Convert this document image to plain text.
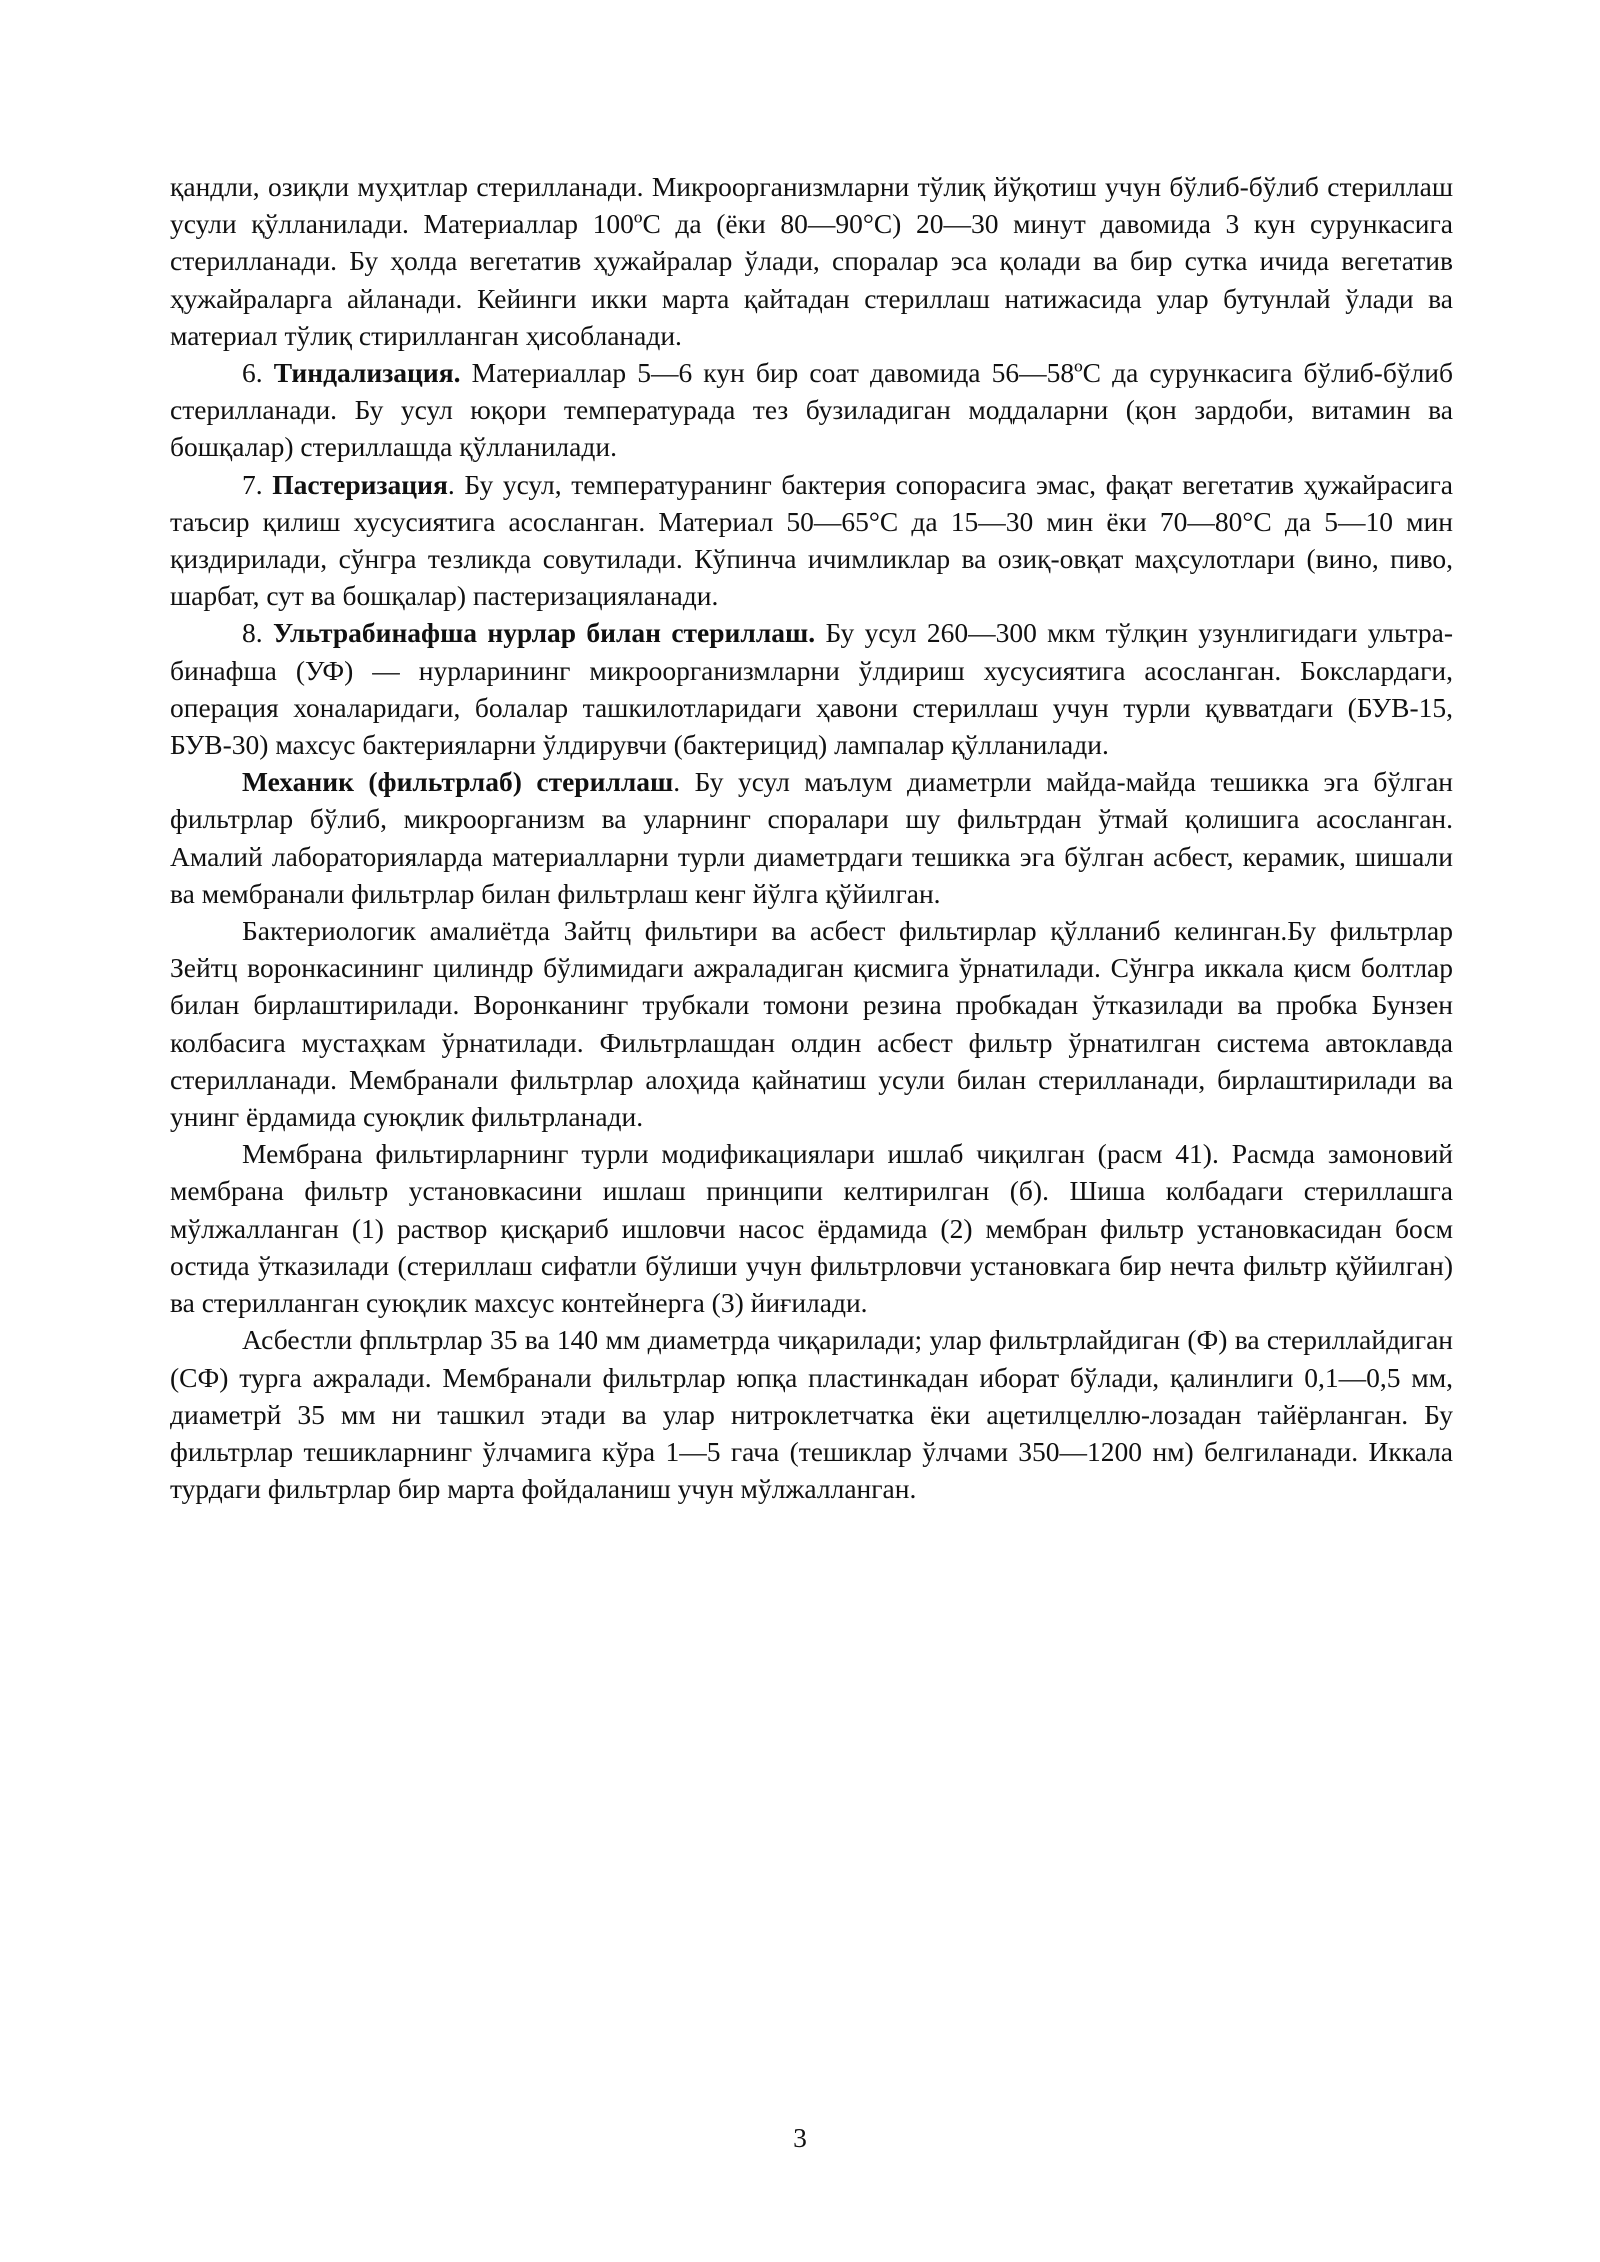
қандли, озиқли муҳитлар стерилланади. Микроорганизмларни тўлиқ йўқотиш учун бўлиб-бўлиб стериллаш усули қўлланилади. Материаллар 100ºС да (ёки 80—90°С) 20—30 минут давомида 3 кун сурункасига стерилланади. Бу ҳолда вегетатив ҳужайралар ўлади, споралар эса қолади ва бир сутка ичида вегетатив ҳужайраларга айланади. Кейинги икки марта қайтадан стериллаш натижасида улар бутунлай ўлади ва материал тўлиқ стирилланган ҳисобланади.

6. Тиндализация. Материаллар 5—6 кун бир соат давомида 56—58ºС да сурункасига бўлиб-бўлиб стерилланади. Бу усул юқори температурада тез бузиладиган моддаларни (қон зардоби, витамин ва бошқалар) стериллашда қўлланилади.

7. Пастеризация. Бу усул, температуранинг бактерия сопорасига эмас, фақат вегетатив ҳужайрасига таъсир қилиш хусусиятига асосланган. Материал 50—65°С да 15—30 мин ёки 70—80°С да 5—10 мин қиздирилади, сўнгра тезликда совутилади. Кўпинча ичимликлар ва озиқ-овқат маҳсулотлари (вино, пиво, шарбат, сут ва бошқалар) пастеризацияланади.

8. Ультрабинафша нурлар билан стериллаш. Бу усул 260—300 мкм тўлқин узунлигидаги ультра-бинафша (УФ) — нурларининг микроорганизмларни ўлдириш хусусиятига асосланган. Бокслардаги, операция хоналаридаги, болалар ташкилотларидаги ҳавони стериллаш учун турли қувватдаги (БУВ-15, БУВ-30) махсус бактерияларни ўлдирувчи (бактерицид) лампалар қўлланилади.

Механик (фильтрлаб) стериллаш. Бу усул маълум диаметрли майда-майда тешикка эга бўлган фильтрлар бўлиб, микроорганизм ва уларнинг споралари шу фильтрдан ўтмай қолишига асосланган. Амалий лабораторияларда материалларни турли диаметрдаги тешикка эга бўлган асбест, керамик, шишали ва мембранали фильтрлар билан фильтрлаш кенг йўлга қўйилган.

Бактериологик амалиётда Зайтц фильтири ва асбест фильтирлар қўлланиб келинган.Бу фильтрлар Зейтц воронкасининг цилиндр бўлимидаги ажраладиган қисмига ўрнатилади. Сўнгра иккала қисм болтлар билан бирлаштирилади. Воронканинг трубкали томони резина пробкадан ўтказилади ва пробка Бунзен колбасига мустаҳкам ўрнатилади. Фильтрлашдан олдин асбест фильтр ўрнатилган система автоклавда стерилланади. Мембранали фильтрлар алоҳида қайнатиш усули билан стерилланади, бирлаштирилади ва унинг ёрдамида суюқлик фильтрланади.

Мембрана фильтирларнинг турли модификациялари ишлаб чиқилган (расм 41). Расмда замоновий мембрана фильтр установкасини ишлаш принципи келтирилган (б). Шиша колбадаги стериллашга мўлжалланган (1) раствор қисқариб ишловчи насос ёрдамида (2) мембран фильтр установкасидан босм остида ўтказилади (стериллаш сифатли бўлиши учун фильтрловчи установкага бир нечта фильтр қўйилган) ва стерилланган суюқлик махсус контейнерга (3) йиғилади.

Асбестли фпльтрлар 35 ва 140 мм диаметрда чиқарилади; улар фильтрлайдиган (Ф) ва стериллайдиган (СФ) турга ажралади. Мембранали фильтрлар юпқа пластинкадан иборат бўлади, қалинлиги 0,1—0,5 мм, диаметрй 35 мм ни ташкил этади ва улар нитроклетчатка ёки ацетилцеллю-лозадан тайёрланган. Бу фильтрлар тешикларнинг ўлчамига кўра 1—5 гача (тешиклар ўлчами 350—1200 нм) белгиланади. Иккала турдаги фильтрлар бир марта фойдаланиш учун мўлжалланган.

3
